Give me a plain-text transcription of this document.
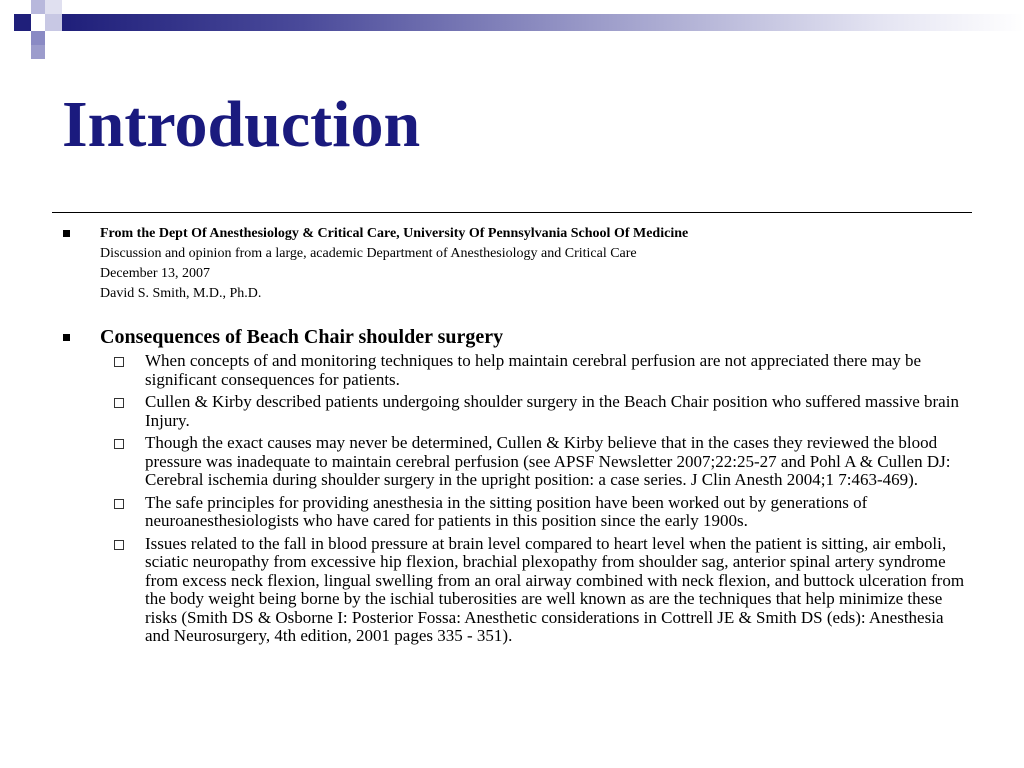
Introduction
From the Dept Of Anesthesiology & Critical Care, University Of Pennsylvania School Of Medicine
Discussion and opinion from a large, academic Department of Anesthesiology and Critical Care
December 13, 2007
David S. Smith, M.D., Ph.D.
Consequences of Beach Chair shoulder surgery
When concepts of and monitoring techniques to help maintain cerebral perfusion are not appreciated there may be significant consequences for patients.
Cullen & Kirby described patients undergoing shoulder surgery in the Beach Chair position who suffered massive brain Injury.
Though the exact causes may never be determined, Cullen & Kirby believe that in the cases they reviewed the blood pressure was inadequate to maintain cerebral perfusion (see APSF Newsletter 2007;22:25-27 and Pohl A & Cullen DJ: Cerebral ischemia during shoulder surgery in the upright position: a case series. J Clin Anesth 2004;1 7:463-469).
The safe principles for providing anesthesia in the sitting position have been worked out by generations of neuroanesthesiologists who have cared for patients in this position since the early 1900s.
Issues related to the fall in blood pressure at brain level compared to heart level when the patient is sitting, air emboli, sciatic neuropathy from excessive hip flexion, brachial plexopathy from shoulder sag, anterior spinal artery syndrome from excess neck flexion, lingual swelling from an oral airway combined with neck flexion, and buttock ulceration from the body weight being borne by the ischial tuberosities are well known as are the techniques that help minimize these risks (Smith DS & Osborne I: Posterior Fossa: Anesthetic considerations in Cottrell JE & Smith DS (eds): Anesthesia and Neurosurgery, 4th edition, 2001 pages 335 - 351).
